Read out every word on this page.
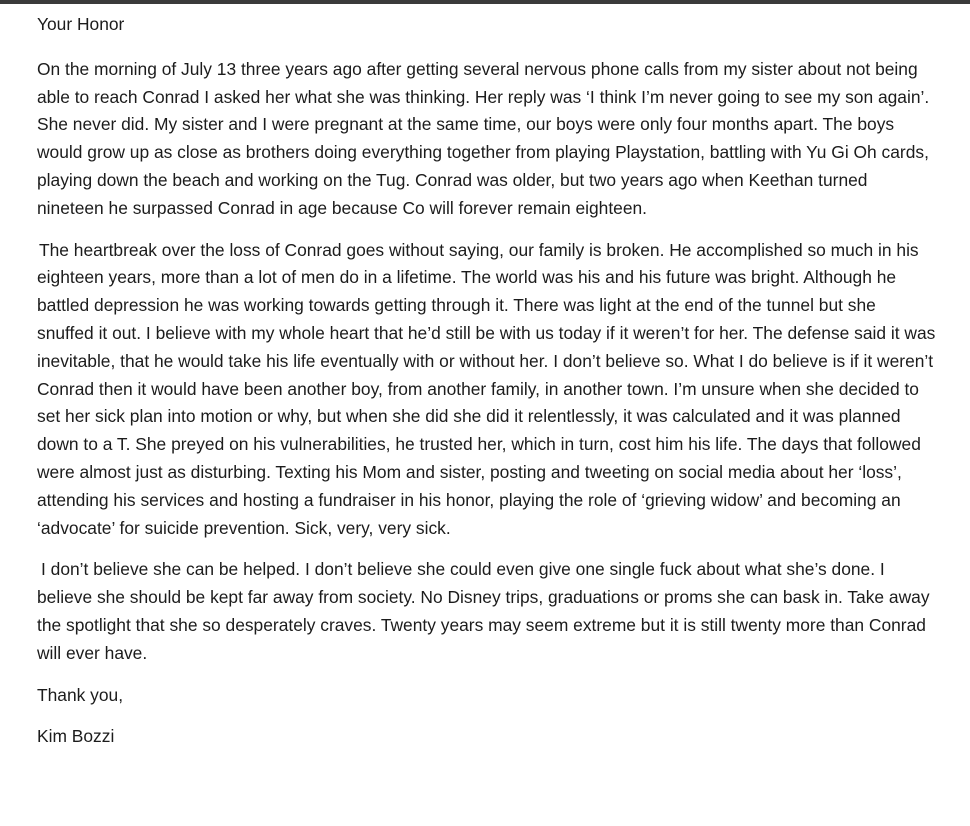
Your Honor

On the morning of July 13 three years ago after getting several nervous phone calls from my sister about not being able to reach Conrad I asked her what she was thinking. Her reply was ‘I think I’m never going to see my son again’. She never did. My sister and I were pregnant at the same time, our boys were only four months apart. The boys would grow up as close as brothers doing everything together from playing Playstation, battling with Yu Gi Oh cards, playing down the beach and working on the Tug. Conrad was older, but two years ago when Keethan turned nineteen he surpassed Conrad in age because Co will forever remain eighteen.

The heartbreak over the loss of Conrad goes without saying, our family is broken. He accomplished so much in his eighteen years, more than a lot of men do in a lifetime. The world was his and his future was bright. Although he battled depression he was working towards getting through it. There was light at the end of the tunnel but she snuffed it out. I believe with my whole heart that he’d still be with us today if it weren’t for her. The defense said it was inevitable, that he would take his life eventually with or without her. I don’t believe so. What I do believe is if it weren’t Conrad then it would have been another boy, from another family, in another town. I’m unsure when she decided to set her sick plan into motion or why, but when she did she did it relentlessly, it was calculated and it was planned down to a T. She preyed on his vulnerabilities, he trusted her, which in turn, cost him his life. The days that followed were almost just as disturbing. Texting his Mom and sister, posting and tweeting on social media about her ‘loss’, attending his services and hosting a fundraiser in his honor, playing the role of ‘grieving widow’ and becoming an ‘advocate’ for suicide prevention. Sick, very, very sick.

I don’t believe she can be helped. I don’t believe she could even give one single fuck about what she’s done. I believe she should be kept far away from society. No Disney trips, graduations or proms she can bask in. Take away the spotlight that she so desperately craves. Twenty years may seem extreme but it is still twenty more than Conrad will ever have.

Thank you,

Kim Bozzi
